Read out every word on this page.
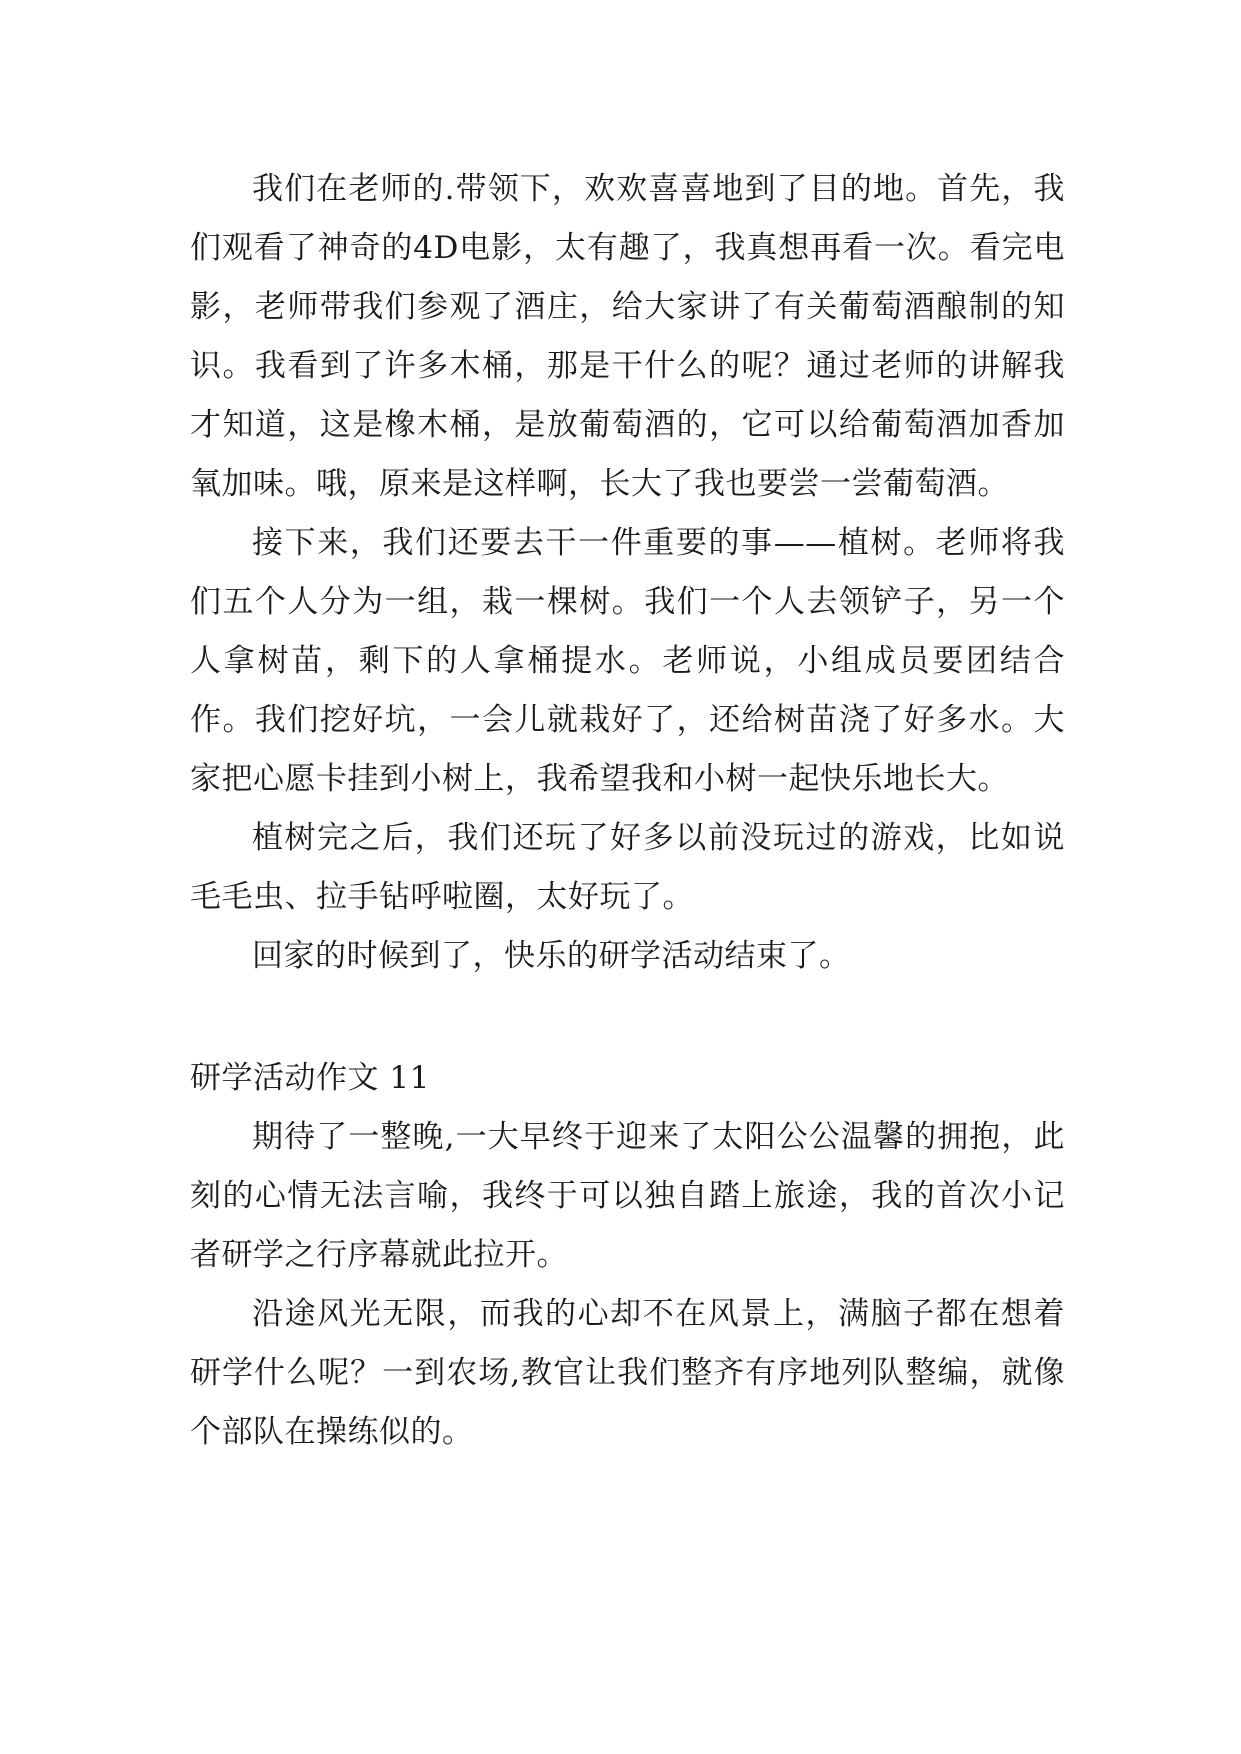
我们在老师的.带领下，欢欢喜喜地到了目的地。首先，我们观看了神奇的4D电影，太有趣了，我真想再看一次。看完电影，老师带我们参观了酒庄，给大家讲了有关葡萄酒酿制的知识。我看到了许多木桶，那是干什么的呢？通过老师的讲解我才知道，这是橡木桶，是放葡萄酒的，它可以给葡萄酒加香加氧加味。哦，原来是这样啊，长大了我也要尝一尝葡萄酒。

接下来，我们还要去干一件重要的事——植树。老师将我们五个人分为一组，栽一棵树。我们一个人去领铲子，另一个人拿树苗，剩下的人拿桶提水。老师说，小组成员要团结合作。我们挖好坑，一会儿就栽好了，还给树苗浇了好多水。大家把心愿卡挂到小树上，我希望我和小树一起快乐地长大。

植树完之后，我们还玩了好多以前没玩过的游戏，比如说毛毛虫、拉手钻呼啦圈，太好玩了。

回家的时候到了，快乐的研学活动结束了。

研学活动作文 11

期待了一整晚,一大早终于迎来了太阳公公温馨的拥抱，此刻的心情无法言喻，我终于可以独自踏上旅途，我的首次小记者研学之行序幕就此拉开。

沿途风光无限，而我的心却不在风景上，满脑子都在想着研学什么呢？一到农场,教官让我们整齐有序地列队整编，就像个部队在操练似的。
